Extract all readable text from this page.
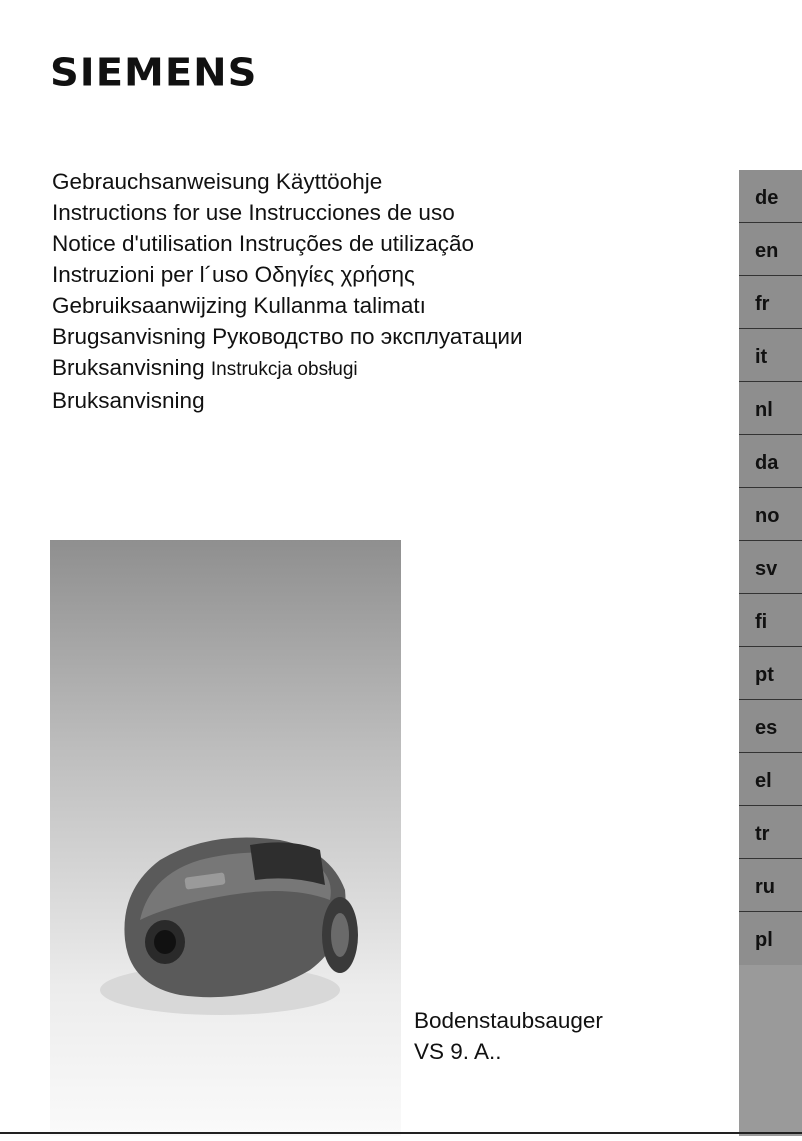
SIEMENS
Gebrauchsanweisung Käyttöohje
Instructions for use Instrucciones de uso
Notice d'utilisation Instruções de utilização
Instruzioni per l´uso Οδηγίες χρήσης
Gebruiksaanwijzing Kullanma talimatı
Brugsanvisning Руководство по эксплуатации
Bruksanvisning Instrukcja obsługi
Bruksanvisning
de
en
fr
it
nl
da
no
sv
fi
pt
es
el
tr
ru
pl
Bodenstaubsauger
VS 9. A..
